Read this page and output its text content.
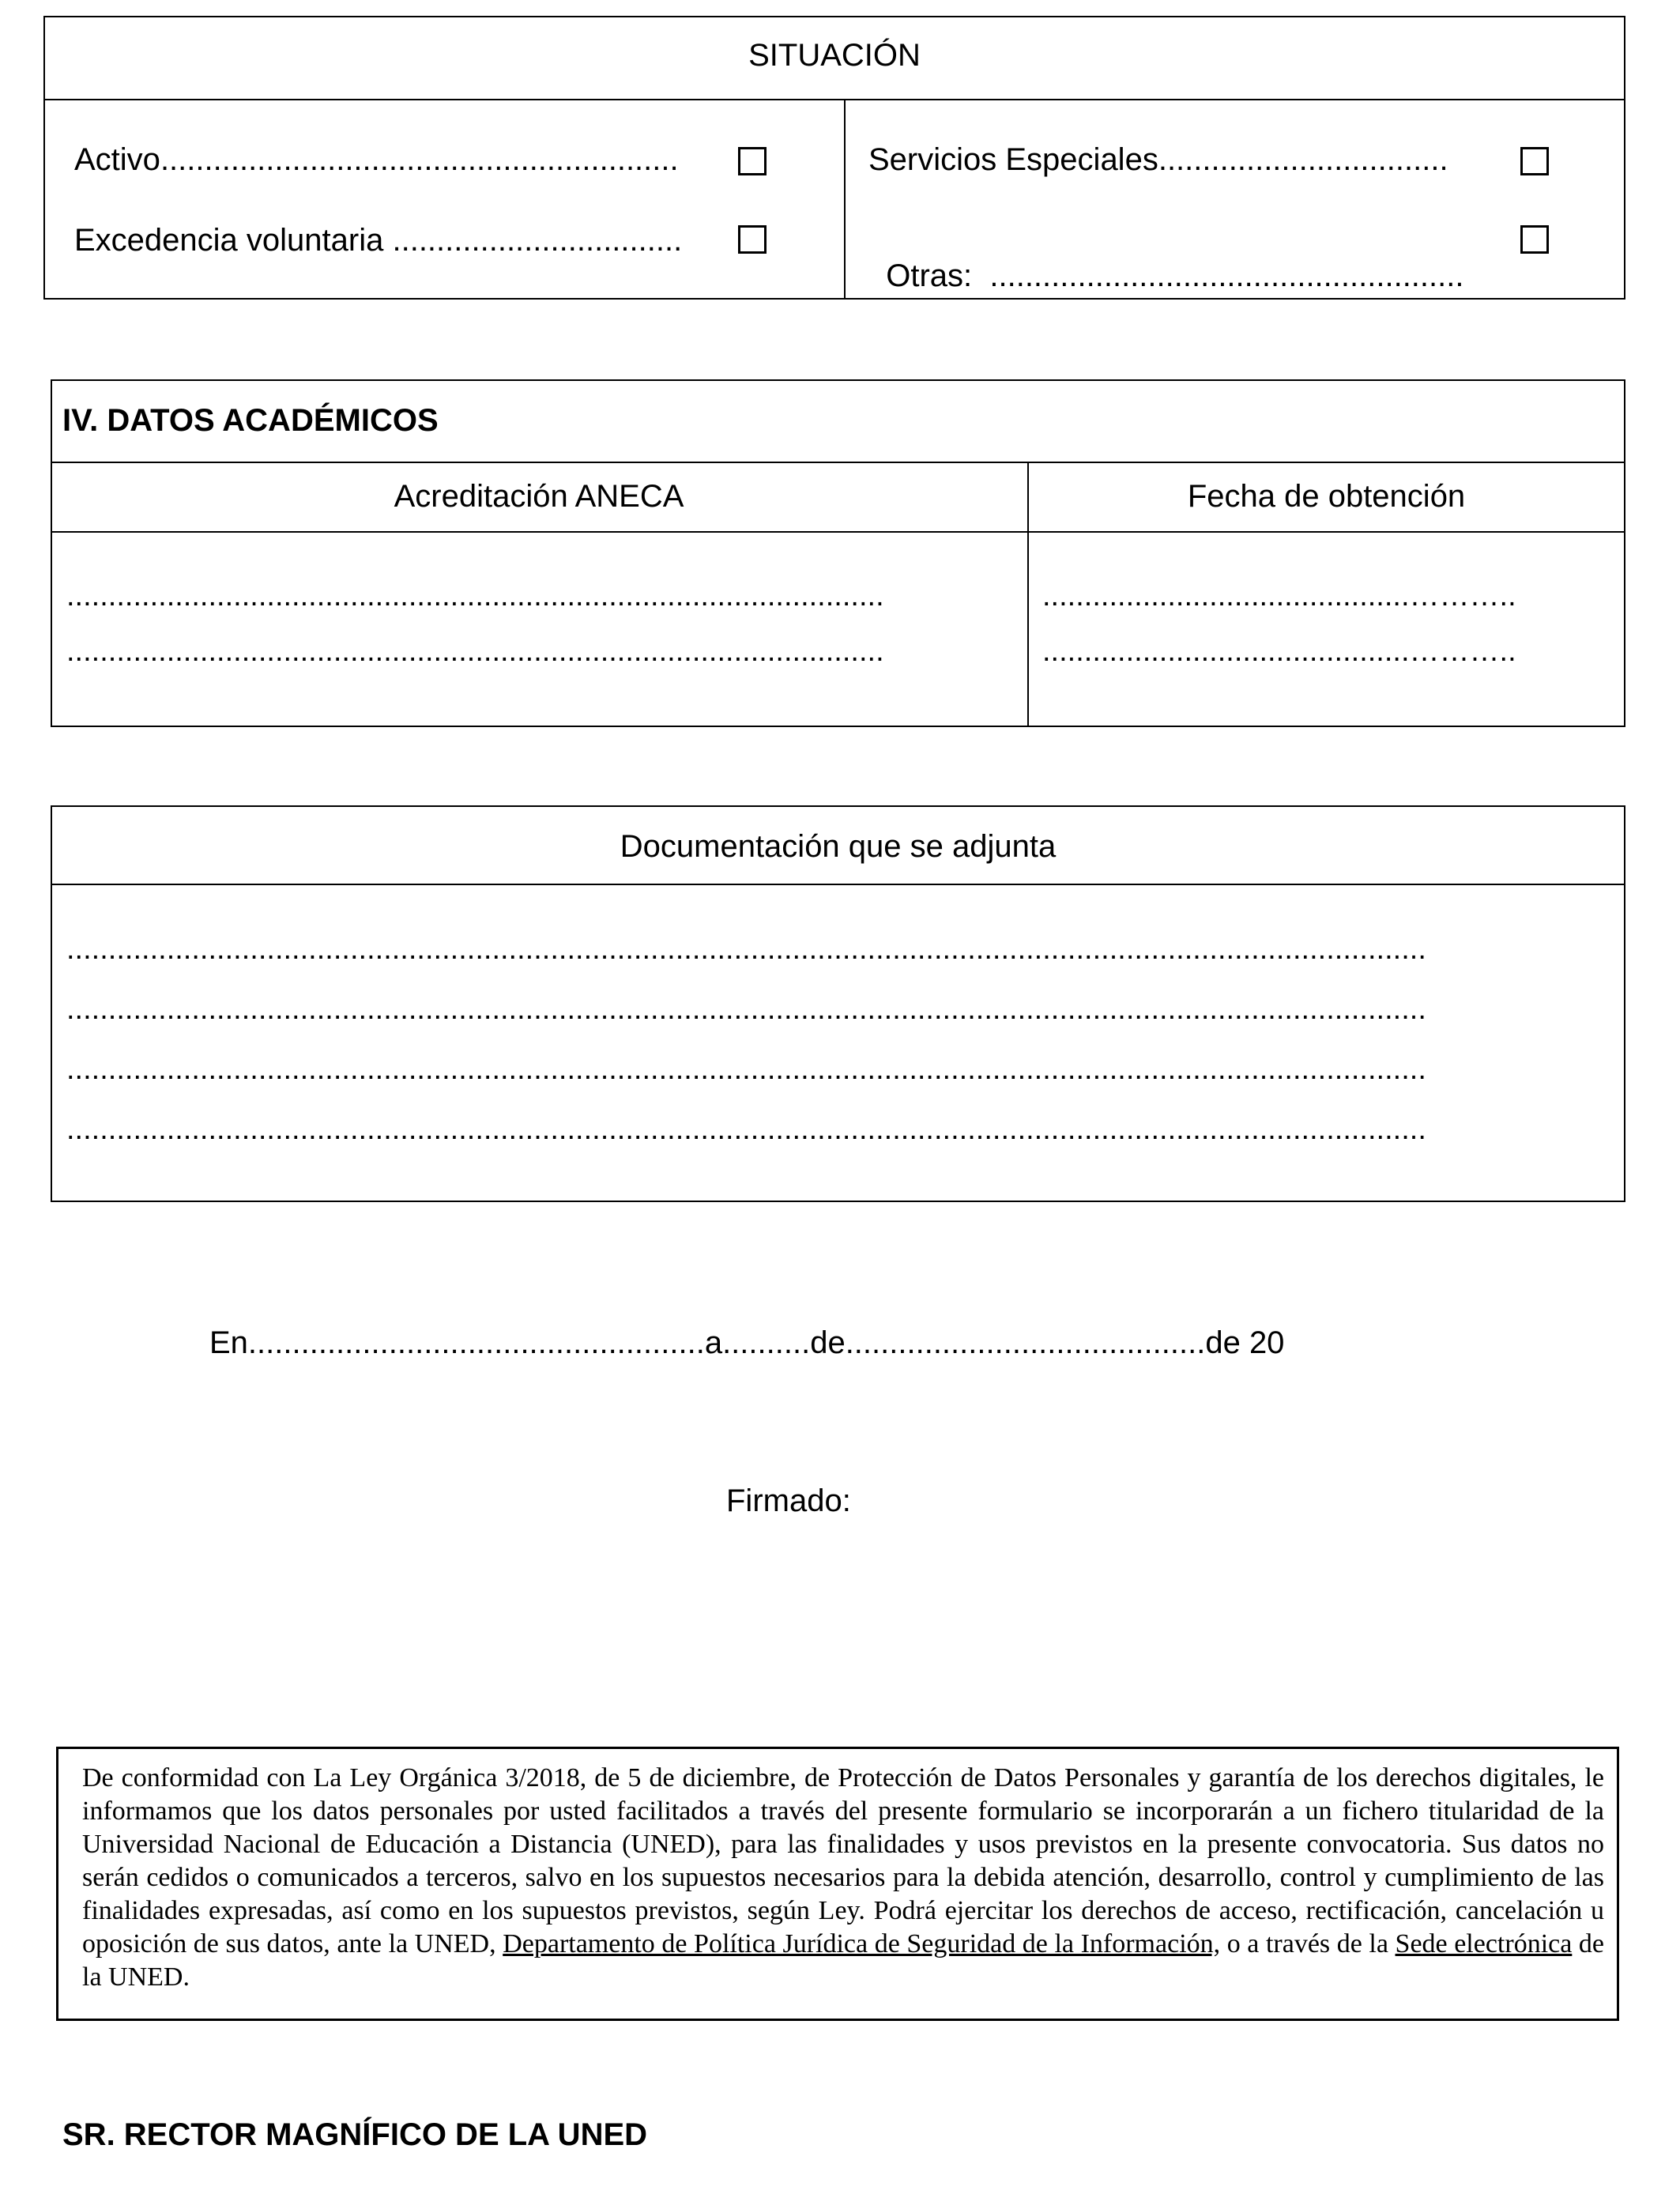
SITUACIÓN
Activo...........................................................
Excedencia voluntaria .................................
Servicios Especiales.................................

Otras:  ......................................................

IV. DATOS ACADÉMICOS
Acreditación ANECA	Fecha de obtención
..................................................................................................
..................................................................................................
............................................………..
............................................………..
Documentación que se adjunta
...................................................................................................................................................................
...................................................................................................................................................................
...................................................................................................................................................................
...................................................................................................................................................................
En....................................................a..........de.........................................de 20
Firmado:
De conformidad con La Ley Orgánica 3/2018, de 5 de diciembre, de Protección de Datos Personales y garantía de los derechos digitales, le informamos que los datos personales por usted facilitados a través del presente formulario se incorporarán a un fichero titularidad de la Universidad Nacional de Educación a Distancia (UNED), para las finalidades y usos previstos en la presente convocatoria. Sus datos no serán cedidos o comunicados a terceros, salvo en los supuestos necesarios para la debida atención, desarrollo, control y cumplimiento de las finalidades expresadas, así como en los supuestos previstos, según Ley. Podrá ejercitar los derechos de acceso, rectificación, cancelación u oposición de sus datos, ante la UNED, Departamento de Política Jurídica de Seguridad de la Información, o a través de la Sede electrónica de la UNED.
SR. RECTOR MAGNÍFICO DE LA UNED
